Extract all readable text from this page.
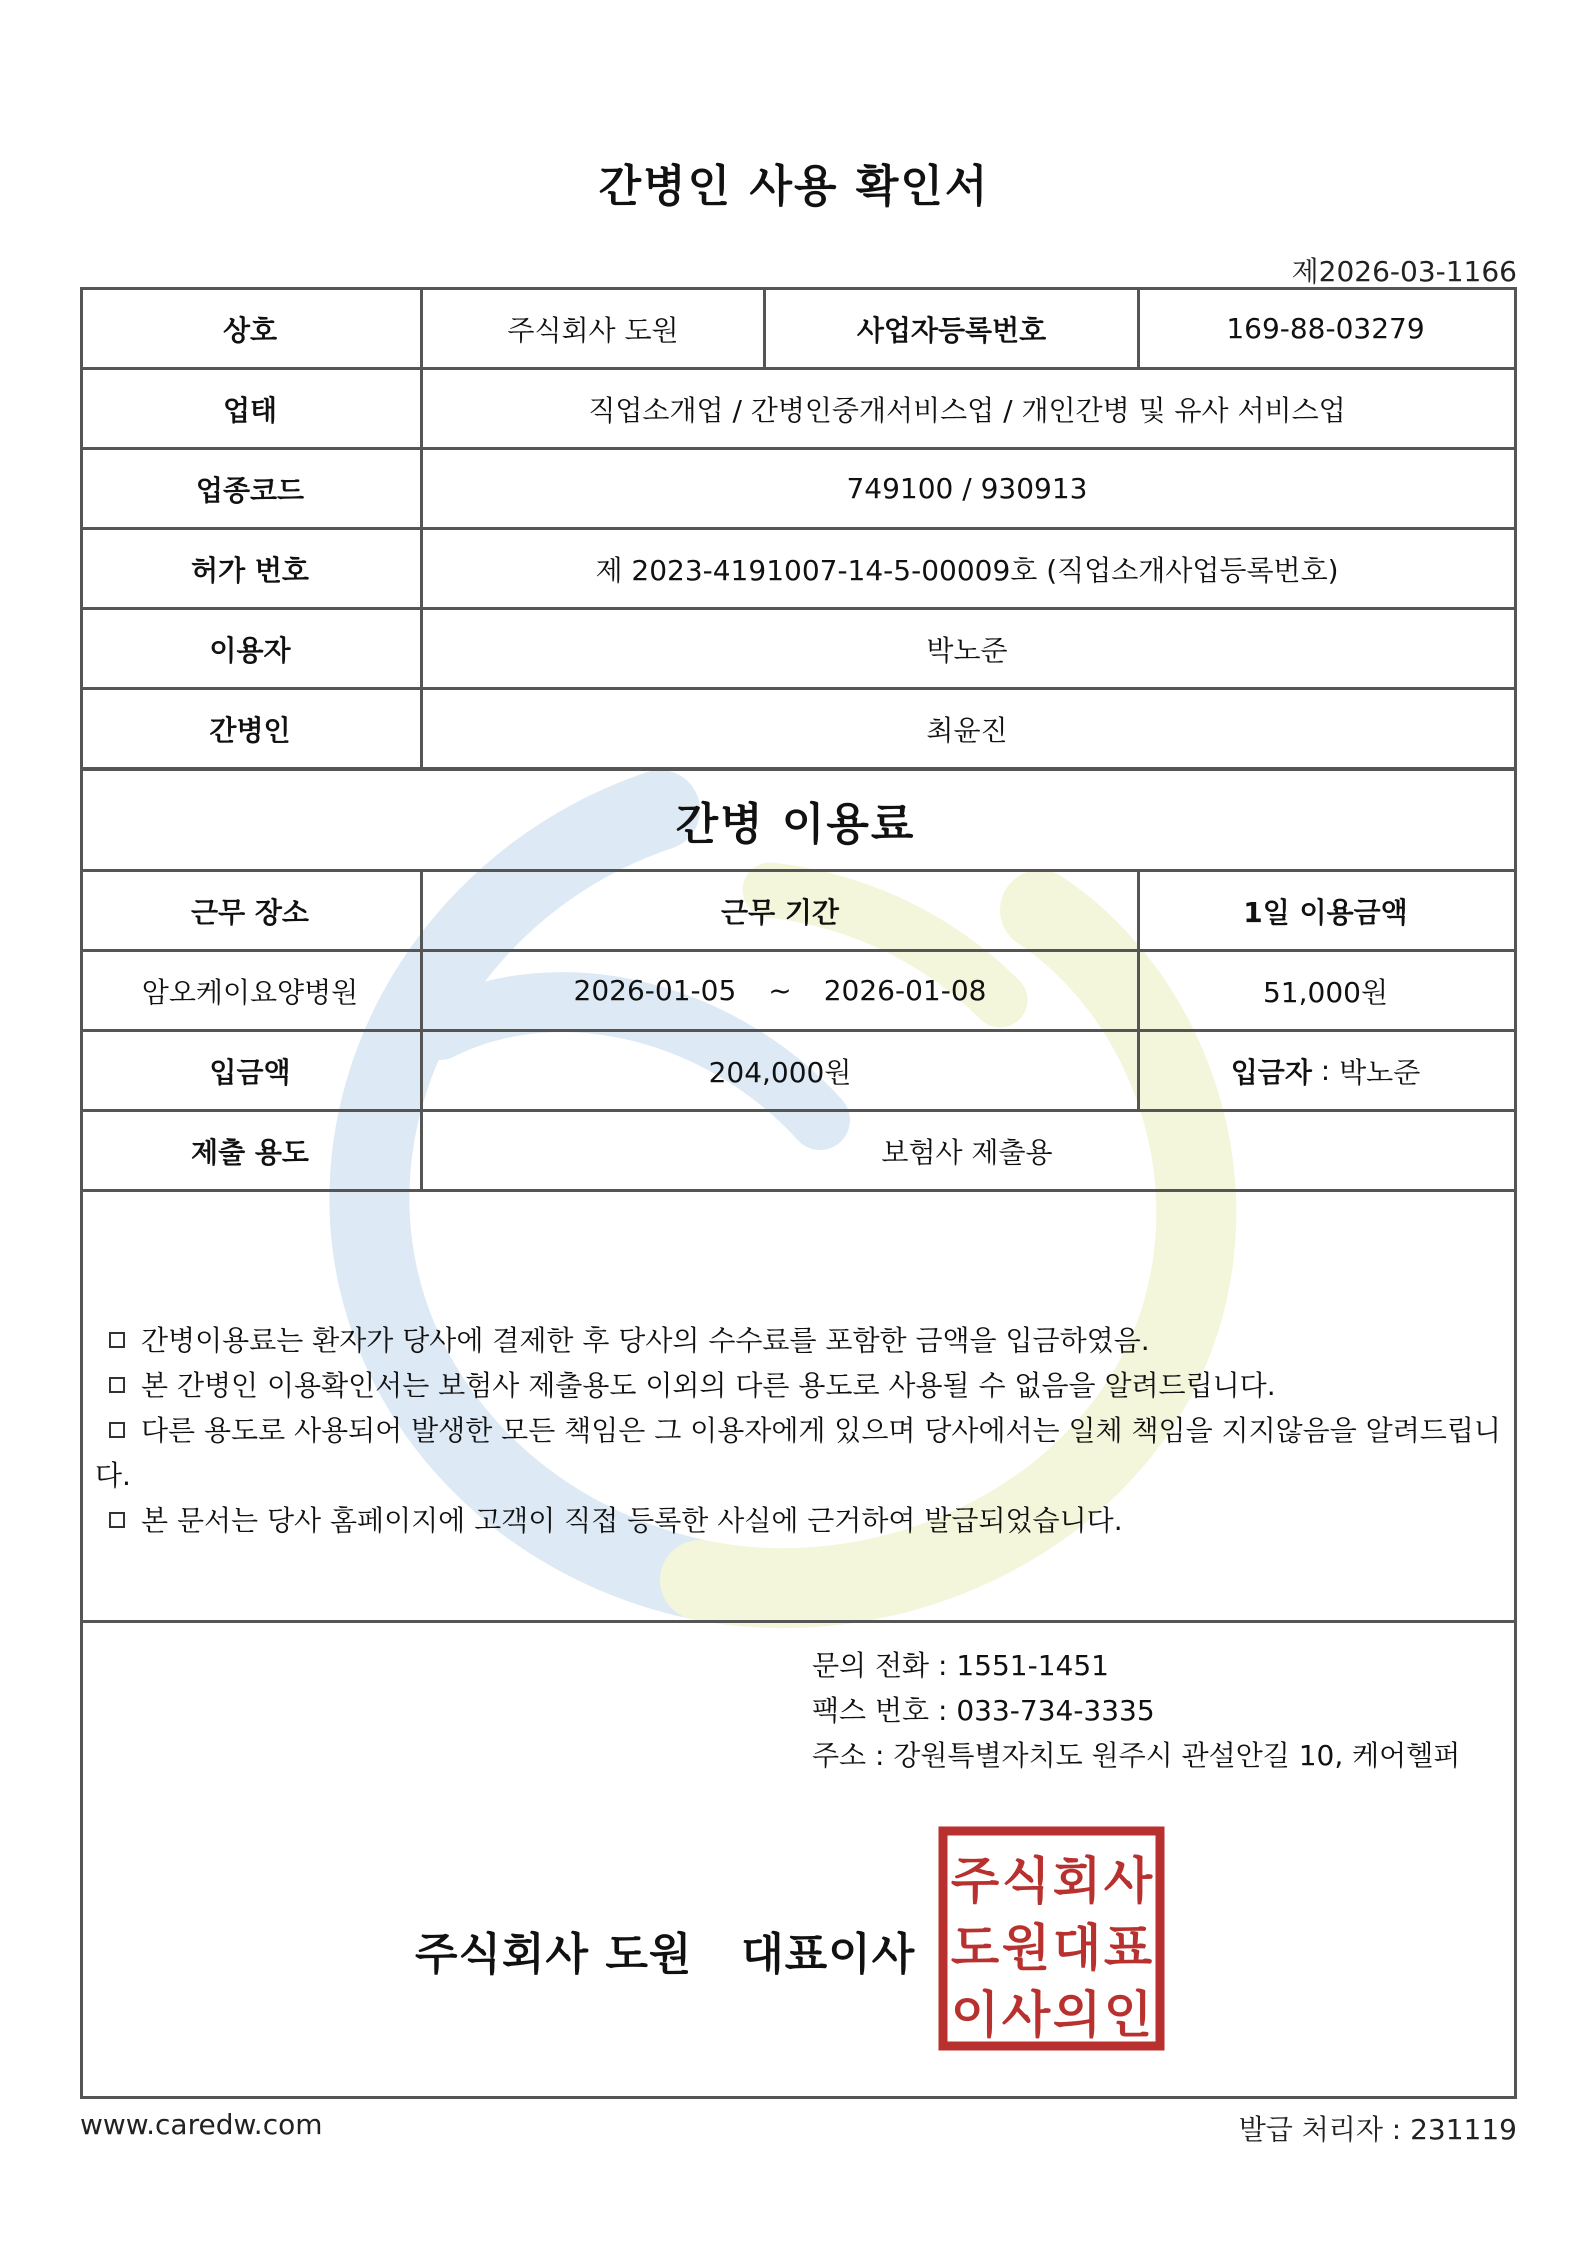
간병인 사용 확인서
제2026-03-1166
상호	주식회사 도원	사업자등록번호	169-88-03279
업태	직업소개업 / 간병인중개서비스업 / 개인간병 및 유사 서비스업
업종코드	749100 / 930913
허가 번호	제 2023-4191007-14-5-00009호 (직업소개사업등록번호)
이용자	박노준
간병인	최윤진
간병 이용료
근무 장소	근무 기간	1일 이용금액
암오케이요양병원	2026-01-05 ~ 2026-01-08	51,000원
입금액	204,000원	입금자 : 박노준
제출 용도	보험사 제출용

간병이용료는 환자가 당사에 결제한 후 당사의 수수료를 포함한 금액을 입금하였음.

본 간병인 이용확인서는 보험사 제출용도 이외의 다른 용도로 사용될 수 없음을 알려드립니다.

다른 용도로 사용되어 발생한 모든 책임은 그 이용자에게 있으며 당사에서는 일체 책임을 지지않음을 알려드립니다.

본 문서는 당사 홈페이지에 고객이 직접 등록한 사실에 근거하여 발급되었습니다.

문의 전화 : 1551-1451
팩스 번호 : 033-734-3335
주소 : 강원특별자치도 원주시 관설안길 10, 케어헬퍼
주식회사 도원   대표이사
주 식 회 사
도 원 대 표
이 사 의 인
www.caredw.com	발급 처리자 : 231119
